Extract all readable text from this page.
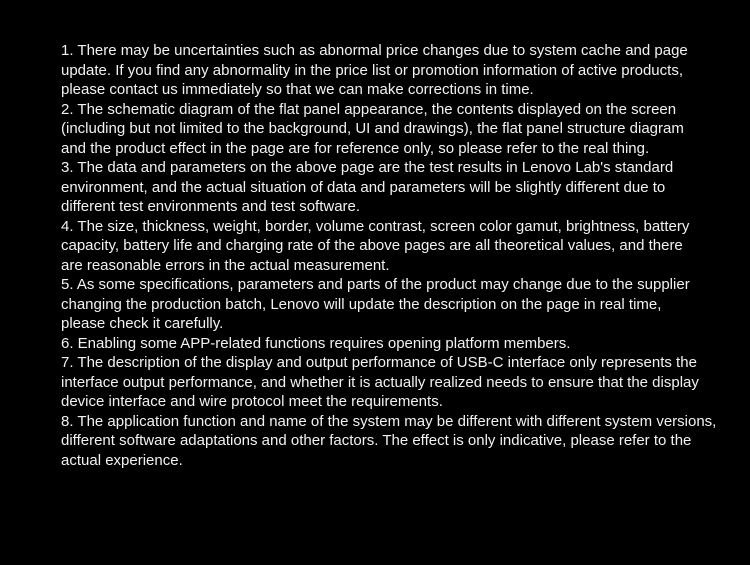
1. There may be uncertainties such as abnormal price changes due to system cache and page
update. If you find any abnormality in the price list or promotion information of active products,
please contact us immediately so that we can make corrections in time.
2. The schematic diagram of the flat panel appearance, the contents displayed on the screen
(including but not limited to the background, UI and drawings), the flat panel structure diagram
and the product effect in the page are for reference only, so please refer to the real thing.
3. The data and parameters on the above page are the test results in Lenovo Lab's standard
environment, and the actual situation of data and parameters will be slightly different due to
different test environments and test software.
4. The size, thickness, weight, border, volume contrast, screen color gamut, brightness, battery
capacity, battery life and charging rate of the above pages are all theoretical values, and there
are reasonable errors in the actual measurement.
5. As some specifications, parameters and parts of the product may change due to the supplier
changing the production batch, Lenovo will update the description on the page in real time,
please check it carefully.
6. Enabling some APP-related functions requires opening platform members.
7. The description of the display and output performance of USB-C interface only represents the
interface output performance, and whether it is actually realized needs to ensure that the display
device interface and wire protocol meet the requirements.
8. The application function and name of the system may be different with different system versions,
different software adaptations and other factors. The effect is only indicative, please refer to the
actual experience.
